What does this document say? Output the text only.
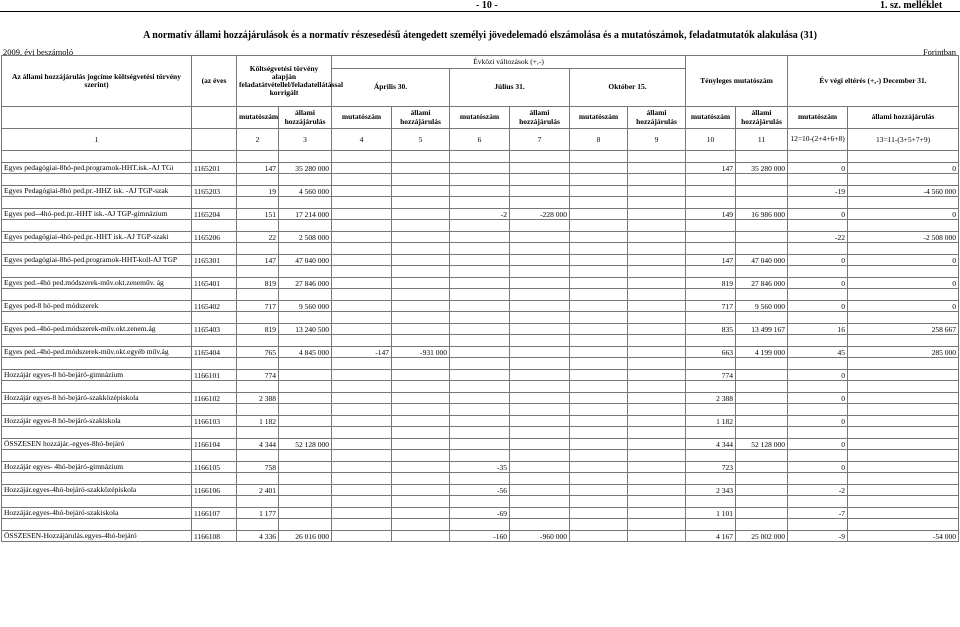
- 10 -	1. sz. melléklet
A normatív állami hozzájárulások és a normatív részesedésű átengedett személyi jövedelemadó elszámolása és a mutatószámok, feladatmutatók alakulása (31)
2009. évi beszámoló	Forintban
Az állami hozzájárulás jogcíme költségvetési törvény szerint)	(az éves	Költségvetési törvény alapján feladatátvétellel/feladatellátással korrigált		Évközi változások (+,-)						Tényleges mutatószám		Év végi eltérés (+,-) December 31.	
				Április 30.		Július 31.		Október 15.					
		mutatószám	állami hozzájárulás	mutatószám	állami hozzájárulás	mutatószám	állami hozzájárulás	mutatószám	állami hozzájárulás	mutatószám	állami hozzájárulás	mutatószám	állami hozzájárulás
1		2	3	4	5	6	7	8	9	10	11	12=10-(2+4+6+8)	13=11-(3+5+7+9)

Egyes pedagógiai-8hó-ped.programok-HHT.isk.-AJ TGi	1165201	147	35 280 000							147	35 280 000	0	0

Egyes Pedagógiai-8hó ped.pr.-HHZ isk. -AJ TGP-szak	1165203	19	4 560 000									-19	-4 560 000

Egyes ped--4hó-ped.pr.-HHT isk.-AJ TGP-gimnázium	1165204	151	17 214 000			-2	-228 000			149	16 986 000	0	0

Egyes pedagógiai-4hó-ped.pr.-HHT isk.-AJ TGP-szaki	1165206	22	2 508 000									-22	-2 508 000

Egyes pedagógiai-8hó-ped.programok-HHT-koll-AJ TGP	1165301	147	47 040 000							147	47 040 000	0	0

Egyes ped.-4hó ped.módszerek-műv.okt.zeneműv. ág	1165401	819	27 846 000							819	27 846 000	0	0

Egyes ped-8 hó-ped módszerek	1165402	717	9 560 000							717	9 560 000	0	0

Egyes ped.-4hó-ped.módszerek-műv.okt.zenem.ág	1165403	819	13 240 500							835	13 499 167	16	258 667

Egyes ped.-4hó-ped.módszerek-műv.okt.egyéb műv.ág	1165404	765	4 845 000	-147	-931 000					663	4 199 000	45	285 000

Hozzájár egyes-8 hó-bejáró-gimnázium	1166101	774								774		0	

Hozzájár egyes-8 hó-bejáró-szakközépiskola	1166102	2 388								2 388		0	

Hozzájár egyes-8 hó-bejáró-szakiskola	1166103	1 182								1 182		0	

ÖSSZESEN hozzájár.-egyes-8hó-bejáró	1166104	4 344	52 128 000							4 344	52 128 000	0	

Hozzájár egyes- 4hó-bejáró-gimnázium	1166105	758				-35				723		0	

Hozzájár.egyes-4hó-bejáró-szakközépiskola	1166106	2 401				-56				2 343		-2	

Hozzájár.egyes-4hó-bejáró-szakiskola	1166107	1 177				-69				1 101		-7	

ÖSSZESEN-Hozzájárulás.egyes-4hó-bejáró	1166108	4 336	26 016 000			-160	-960 000			4 167	25 002 000	-9	-54 000
